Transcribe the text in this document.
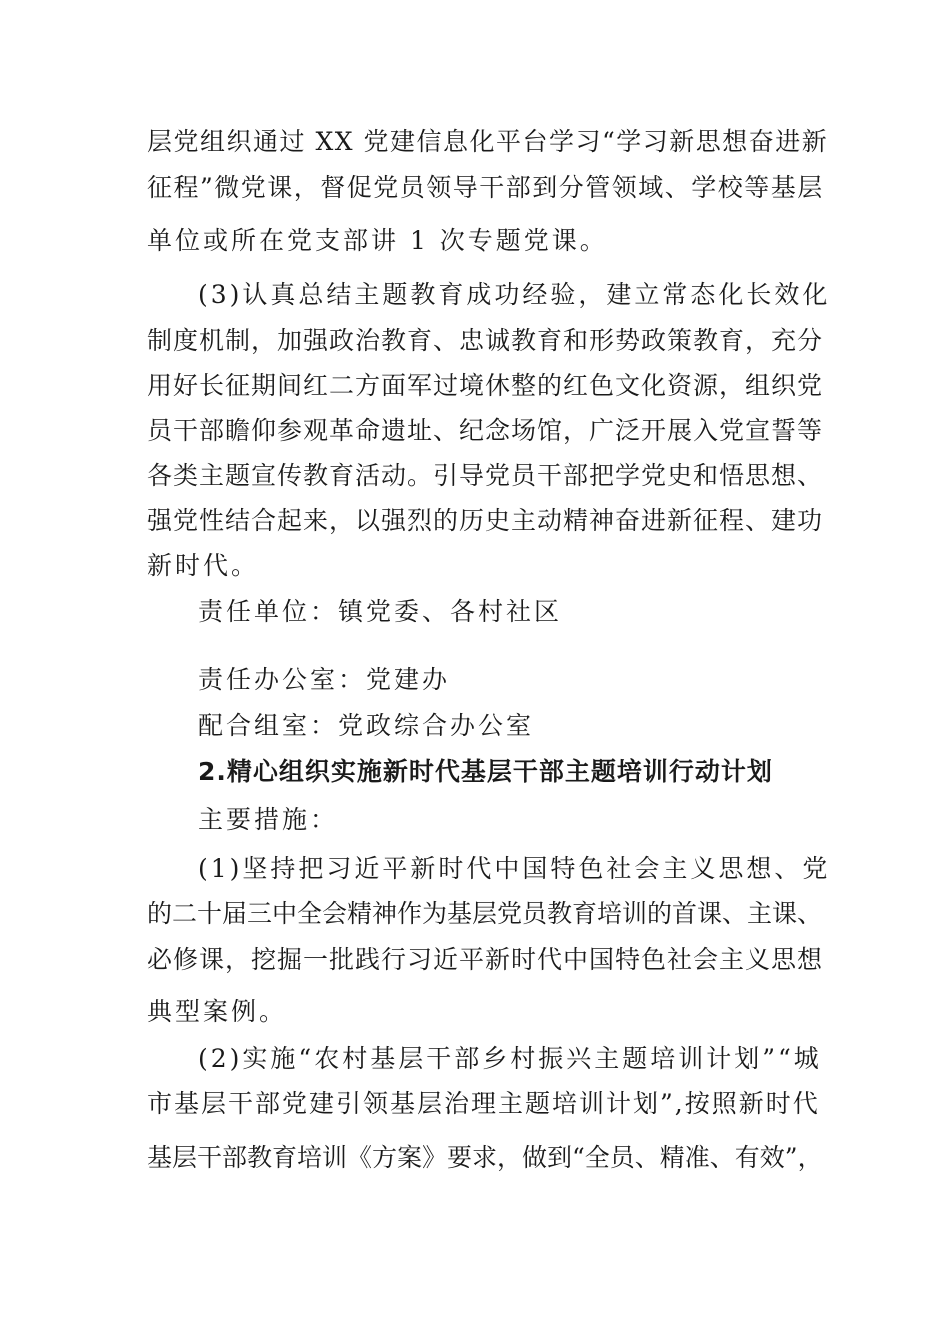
层党组织通过 XX 党建信息化平台学习“学习新思想奋进新
征程”微党课，督促党员领导干部到分管领域、学校等基层
单位或所在党支部讲 1 次专题党课。
(3)认真总结主题教育成功经验，建立常态化长效化
制度机制，加强政治教育、忠诚教育和形势政策教育，充分
用好长征期间红二方面军过境休整的红色文化资源，组织党
员干部瞻仰参观革命遗址、纪念场馆，广泛开展入党宣誓等
各类主题宣传教育活动。引导党员干部把学党史和悟思想、
强党性结合起来，以强烈的历史主动精神奋进新征程、建功
新时代。
责任单位：镇党委、各村社区
责任办公室：党建办
配合组室：党政综合办公室
2.精心组织实施新时代基层干部主题培训行动计划
主要措施：
(1)坚持把习近平新时代中国特色社会主义思想、党
的二十届三中全会精神作为基层党员教育培训的首课、主课、
必修课，挖掘一批践行习近平新时代中国特色社会主义思想
典型案例。
(2)实施“农村基层干部乡村振兴主题培训计划”“城
市基层干部党建引领基层治理主题培训计划”,按照新时代
基层干部教育培训《方案》要求，做到“全员、精准、有效”，
